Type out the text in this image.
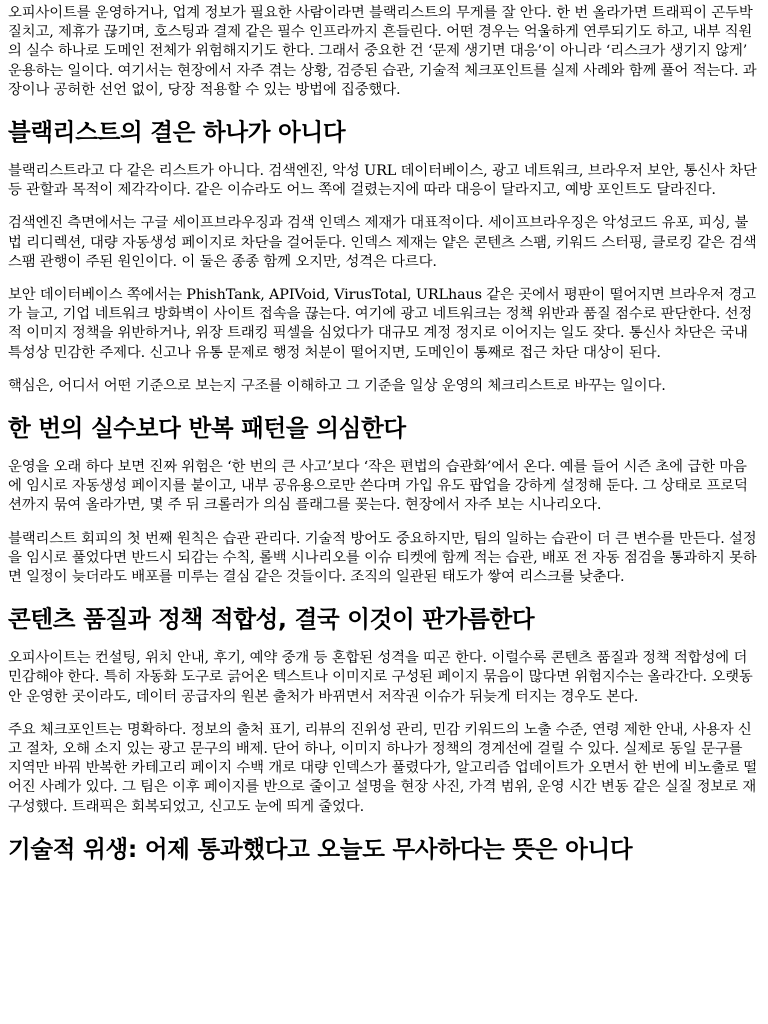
오피사이트를 운영하거나, 업계 정보가 필요한 사람이라면 블랙리스트의 무게를 잘 안다. 한 번 올라가면 트래픽이 곤두박질치고, 제휴가 끊기며, 호스팅과 결제 같은 필수 인프라까지 흔들린다. 어떤 경우는 억울하게 연루되기도 하고, 내부 직원의 실수 하나로 도메인 전체가 위험해지기도 한다. 그래서 중요한 건 ‘문제 생기면 대응’이 아니라 ‘리스크가 생기지 않게’ 운용하는 일이다. 여기서는 현장에서 자주 겪는 상황, 검증된 습관, 기술적 체크포인트를 실제 사례와 함께 풀어 적는다. 과장이나 공허한 선언 없이, 당장 적용할 수 있는 방법에 집중했다.

블랙리스트의 결은 하나가 아니다

블랙리스트라고 다 같은 리스트가 아니다. 검색엔진, 악성 URL 데이터베이스, 광고 네트워크, 브라우저 보안, 통신사 차단 등 관할과 목적이 제각각이다. 같은 이슈라도 어느 쪽에 걸렸는지에 따라 대응이 달라지고, 예방 포인트도 달라진다.

검색엔진 측면에서는 구글 세이프브라우징과 검색 인덱스 제재가 대표적이다. 세이프브라우징은 악성코드 유포, 피싱, 불법 리디렉션, 대량 자동생성 페이지로 차단을 걸어둔다. 인덱스 제재는 얕은 콘텐츠 스팸, 키워드 스터핑, 클로킹 같은 검색 스팸 관행이 주된 원인이다. 이 둘은 종종 함께 오지만, 성격은 다르다.

보안 데이터베이스 쪽에서는 PhishTank, APIVoid, VirusTotal, URLhaus 같은 곳에서 평판이 떨어지면 브라우저 경고가 늘고, 기업 네트워크 방화벽이 사이트 접속을 끊는다. 여기에 광고 네트워크는 정책 위반과 품질 점수로 판단한다. 선정적 이미지 정책을 위반하거나, 위장 트래킹 픽셀을 심었다가 대규모 계정 정지로 이어지는 일도 잦다. 통신사 차단은 국내 특성상 민감한 주제다. 신고나 유통 문제로 행정 처분이 떨어지면, 도메인이 통째로 접근 차단 대상이 된다.

핵심은, 어디서 어떤 기준으로 보는지 구조를 이해하고 그 기준을 일상 운영의 체크리스트로 바꾸는 일이다.

한 번의 실수보다 반복 패턴을 의심한다

운영을 오래 하다 보면 진짜 위험은 ‘한 번의 큰 사고’보다 ‘작은 편법의 습관화’에서 온다. 예를 들어 시즌 초에 급한 마음에 임시로 자동생성 페이지를 붙이고, 내부 공유용으로만 쓴다며 가입 유도 팝업을 강하게 설정해 둔다. 그 상태로 프로덕션까지 묶여 올라가면, 몇 주 뒤 크롤러가 의심 플래그를 꽂는다. 현장에서 자주 보는 시나리오다.

블랙리스트 회피의 첫 번째 원칙은 습관 관리다. 기술적 방어도 중요하지만, 팀의 일하는 습관이 더 큰 변수를 만든다. 설정을 임시로 풀었다면 반드시 되감는 수칙, 롤백 시나리오를 이슈 티켓에 함께 적는 습관, 배포 전 자동 점검을 통과하지 못하면 일정이 늦더라도 배포를 미루는 결심 같은 것들이다. 조직의 일관된 태도가 쌓여 리스크를 낮춘다.

콘텐츠 품질과 정책 적합성, 결국 이것이 판가름한다

오피사이트는 컨설팅, 위치 안내, 후기, 예약 중개 등 혼합된 성격을 띠곤 한다. 이럴수록 콘텐츠 품질과 정책 적합성에 더 민감해야 한다. 특히 자동화 도구로 긁어온 텍스트나 이미지로 구성된 페이지 묶음이 많다면 위험지수는 올라간다. 오랫동안 운영한 곳이라도, 데이터 공급자의 원본 출처가 바뀌면서 저작권 이슈가 뒤늦게 터지는 경우도 본다.

주요 체크포인트는 명확하다. 정보의 출처 표기, 리뷰의 진위성 관리, 민감 키워드의 노출 수준, 연령 제한 안내, 사용자 신고 절차, 오해 소지 있는 광고 문구의 배제. 단어 하나, 이미지 하나가 정책의 경계선에 걸릴 수 있다. 실제로 동일 문구를 지역만 바꿔 반복한 카테고리 페이지 수백 개로 대량 인덱스가 풀렸다가, 알고리즘 업데이트가 오면서 한 번에 비노출로 떨어진 사례가 있다. 그 팀은 이후 페이지를 반으로 줄이고 설명을 현장 사진, 가격 범위, 운영 시간 변동 같은 실질 정보로 재구성했다. 트래픽은 회복되었고, 신고도 눈에 띄게 줄었다.

기술적 위생: 어제 통과했다고 오늘도 무사하다는 뜻은 아니다
